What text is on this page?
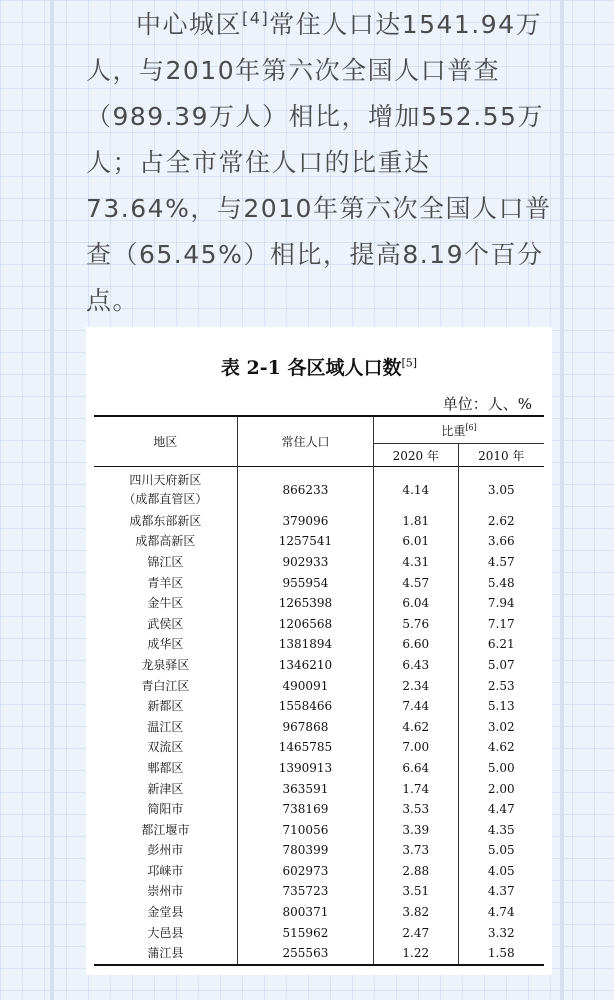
中心城区[4]常住人口达1541.94万
人，与2010年第六次全国人口普查
（989.39万人）相比，增加552.55万
人；占全市常住人口的比重达
73.64%，与2010年第六次全国人口普
查（65.45%）相比，提高8.19个百分
点。

表 2-1 各区域人口数[5]
单位：人、%
地区	常住人口	比重[6]
		2020 年	2010 年
四川天府新区
（成都直管区）	866233	4.14	3.05
成都东部新区	379096	1.81	2.62
成都高新区	1257541	6.01	3.66
锦江区	902933	4.31	4.57
青羊区	955954	4.57	5.48
金牛区	1265398	6.04	7.94
武侯区	1206568	5.76	7.17
成华区	1381894	6.60	6.21
龙泉驿区	1346210	6.43	5.07
青白江区	490091	2.34	2.53
新都区	1558466	7.44	5.13
温江区	967868	4.62	3.02
双流区	1465785	7.00	4.62
郫都区	1390913	6.64	5.00
新津区	363591	1.74	2.00
简阳市	738169	3.53	4.47
都江堰市	710056	3.39	4.35
彭州市	780399	3.73	5.05
邛崃市	602973	2.88	4.05
崇州市	735723	3.51	4.37
金堂县	800371	3.82	4.74
大邑县	515962	2.47	3.32
蒲江县	255563	1.22	1.58
